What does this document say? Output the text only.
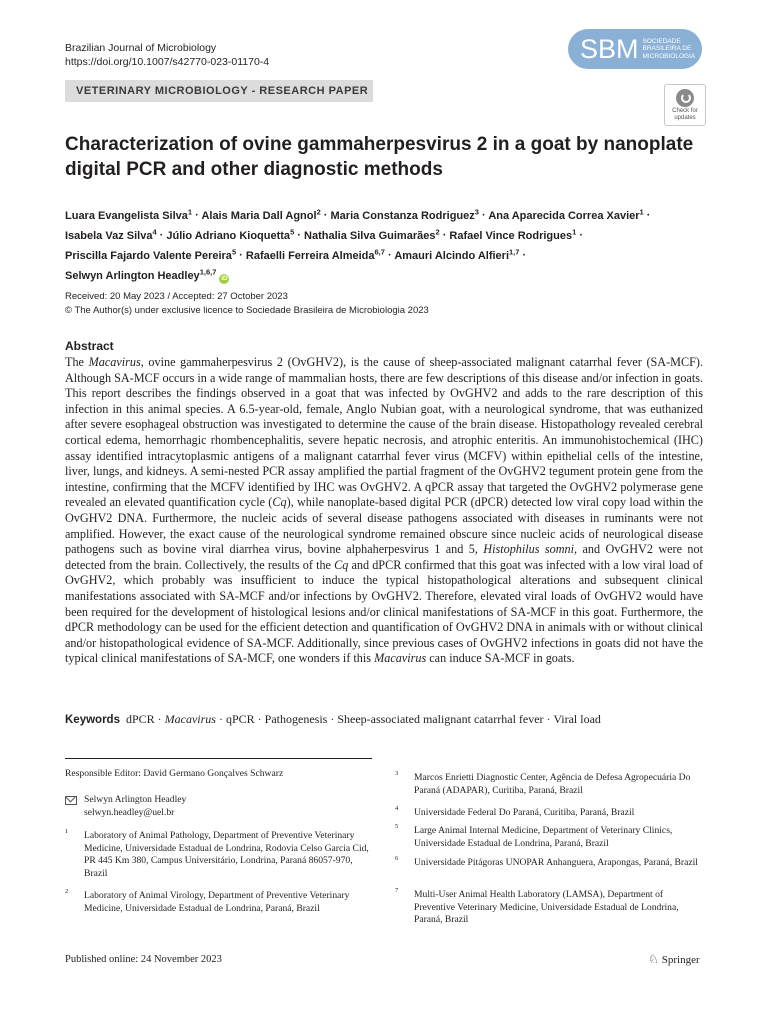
Brazilian Journal of Microbiology
https://doi.org/10.1007/s42770-023-01170-4	SBM SOCIEDADE
BRASILEIRA DE
MICROBIOLOGIA
VETERINARY MICROBIOLOGY - RESEARCH PAPER
Check for
updates
Characterization of ovine gammaherpesvirus 2 in a goat by nanoplate digital PCR and other diagnostic methods
Luara Evangelista Silva$^1$ · Alais Maria Dall Agnol$^2$ · Maria Constanza Rodriguez$^3$ · Ana Aparecida Correa Xavier$^1$ ·
Isabela Vaz Silva$^4$ · Júlio Adriano Kioquetta$^5$ · Nathalia Silva Guimarães$^2$ · Rafael Vince Rodrigues$^1$ ·
Priscilla Fajardo Valente Pereira$^5$ · Rafaelli Ferreira Almeida$^{6,7}$ · Amauri Alcindo Alfieri$^{1,7}$ ·
Selwyn Arlington Headley$^{1,6,7}$ iD
Received: 20 May 2023 / Accepted: 27 October 2023
© The Author(s) under exclusive licence to Sociedade Brasileira de Microbiologia 2023
Abstract
The Macavirus, ovine gammaherpesvirus 2 (OvGHV2), is the cause of sheep-associated malignant catarrhal fever (SA-MCF). Although SA-MCF occurs in a wide range of mammalian hosts, there are few descriptions of this disease and/or infection in goats. This report describes the findings observed in a goat that was infected by OvGHV2 and adds to the rare description of this infection in this animal species. A 6.5-year-old, female, Anglo Nubian goat, with a neurological syndrome, that was euthanized after severe esophageal obstruction was investigated to determine the cause of the brain disease. Histopathology revealed cerebral cortical edema, hemorrhagic rhombencephalitis, severe hepatic necrosis, and atrophic enteritis. An immunohistochemical (IHC) assay identified intracytoplasmic antigens of a malignant catarrhal fever virus (MCFV) within epithelial cells of the intestine, liver, lungs, and kidneys. A semi-nested PCR assay amplified the partial fragment of the OvGHV2 tegument protein gene from the intestine, confirming that the MCFV identified by IHC was OvGHV2. A qPCR assay that targeted the OvGHV2 polymerase gene revealed an elevated quantification cycle (Cq), while nanoplate-based digital PCR (dPCR) detected low viral copy load within the OvGHV2 DNA. Furthermore, the nucleic acids of several disease pathogens associated with diseases in ruminants were not amplified. However, the exact cause of the neurological syndrome remained obscure since nucleic acids of neurological disease pathogens such as bovine viral diarrhea virus, bovine alphaherpesvirus 1 and 5, Histophilus somni, and OvGHV2 were not detected from the brain. Collectively, the results of the Cq and dPCR confirmed that this goat was infected with a low viral load of OvGHV2, which probably was insufficient to induce the typical histopathological alterations and subsequent clinical manifestations associated with SA-MCF and/or infections by OvGHV2. Therefore, elevated viral loads of OvGHV2 would have been required for the development of histological lesions and/or clinical manifestations of SA-MCF in this goat. Furthermore, the dPCR methodology can be used for the efficient detection and quantification of OvGHV2 DNA in animals with or without clinical and/or histopathological evidence of SA-MCF. Additionally, since previous cases of OvGHV2 infections in goats did not have the typical clinical manifestations of SA-MCF, one wonders if this Macavirus can induce SA-MCF in goats.
Keywords dPCR · Macavirus · qPCR · Pathogenesis · Sheep-associated malignant catarrhal fever · Viral load
Responsible Editor: David Germano Gonçalves Schwarz
Selwyn Arlington Headley
selwyn.headley@uel.br
1 Laboratory of Animal Pathology, Department of Preventive Veterinary Medicine, Universidade Estadual de Londrina, Rodovia Celso Garcia Cid, PR 445 Km 380, Campus Universitário, Londrina, Paraná 86057-970, Brazil
2 Laboratory of Animal Virology, Department of Preventive Veterinary Medicine, Universidade Estadual de Londrina, Paraná, Brazil
3 Marcos Enrietti Diagnostic Center, Agência de Defesa Agropecuária Do Paraná (ADAPAR), Curitiba, Paraná, Brazil
4 Universidade Federal Do Paraná, Curitiba, Paraná, Brazil
5 Large Animal Internal Medicine, Department of Veterinary Clinics, Universidade Estadual de Londrina, Paraná, Brazil
6 Universidade Pitágoras UNOPAR Anhanguera, Arapongas, Paraná, Brazil
7 Multi-User Animal Health Laboratory (LAMSA), Department of Preventive Veterinary Medicine, Universidade Estadual de Londrina, Paraná, Brazil
Published online: 24 November 2023	♘ Springer
